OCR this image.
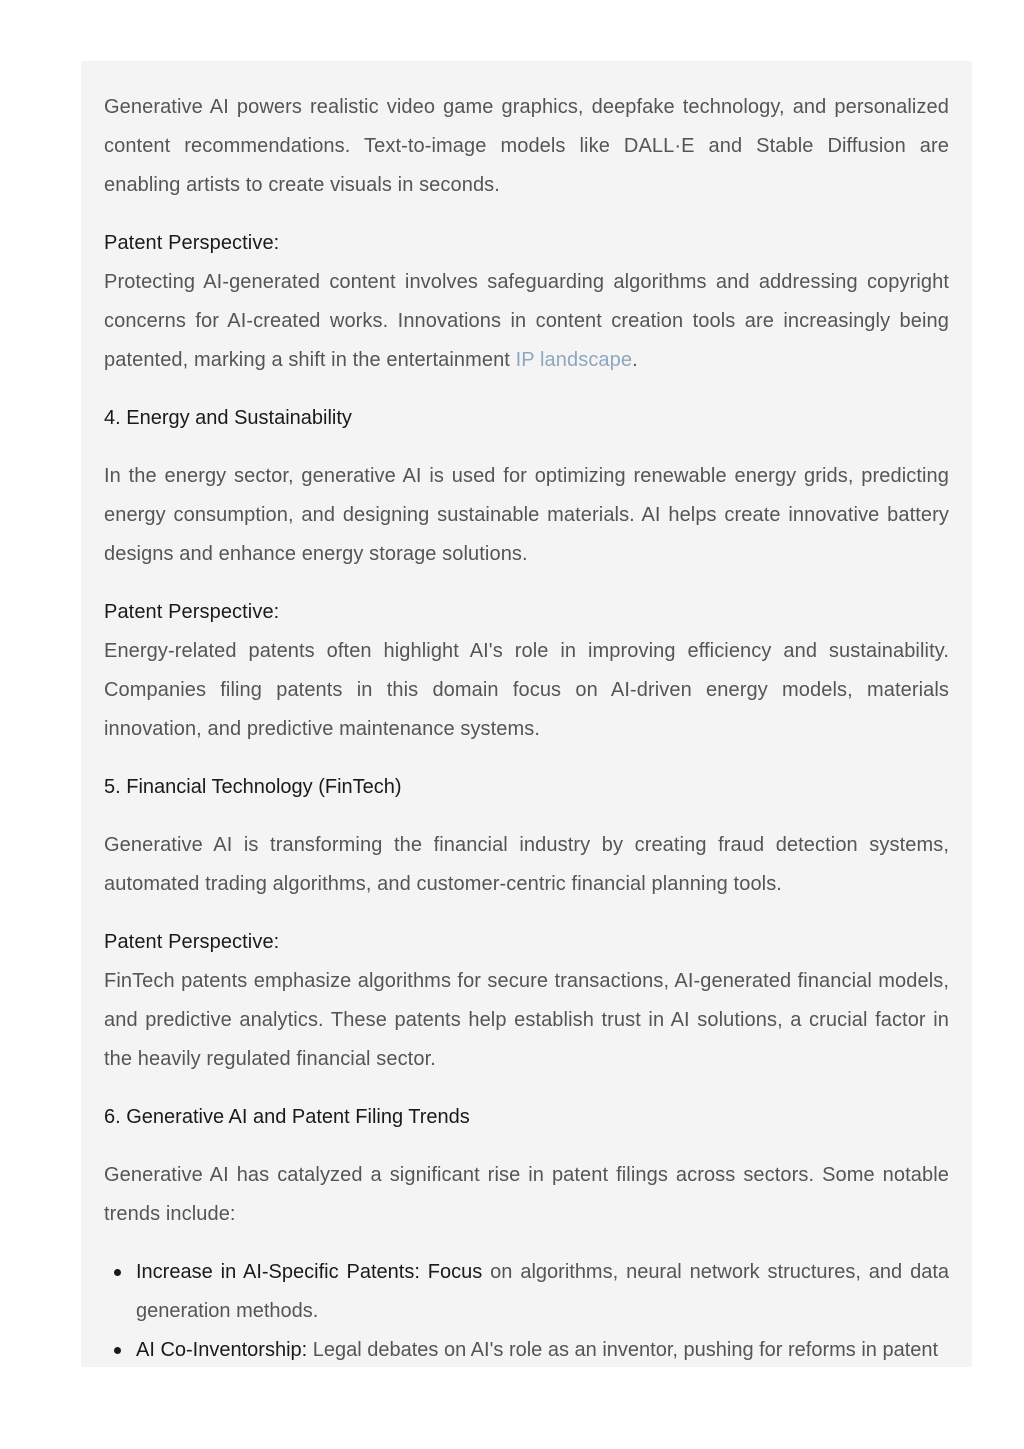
Generative AI powers realistic video game graphics, deepfake technology, and personalized content recommendations. Text-to-image models like DALL·E and Stable Diffusion are enabling artists to create visuals in seconds.

Patent Perspective:
Protecting AI-generated content involves safeguarding algorithms and addressing copyright concerns for AI-created works. Innovations in content creation tools are increasingly being patented, marking a shift in the entertainment IP landscape.

4. Energy and Sustainability

In the energy sector, generative AI is used for optimizing renewable energy grids, predicting energy consumption, and designing sustainable materials. AI helps create innovative battery designs and enhance energy storage solutions.

Patent Perspective:
Energy-related patents often highlight AI's role in improving efficiency and sustainability. Companies filing patents in this domain focus on AI-driven energy models, materials innovation, and predictive maintenance systems.

5. Financial Technology (FinTech)

Generative AI is transforming the financial industry by creating fraud detection systems, automated trading algorithms, and customer-centric financial planning tools.

Patent Perspective:
FinTech patents emphasize algorithms for secure transactions, AI-generated financial models, and predictive analytics. These patents help establish trust in AI solutions, a crucial factor in the heavily regulated financial sector.

6. Generative AI and Patent Filing Trends

Generative AI has catalyzed a significant rise in patent filings across sectors. Some notable trends include:

Increase in AI-Specific Patents: Focus on algorithms, neural network structures, and data generation methods.
AI Co-Inventorship: Legal debates on AI's role as an inventor, pushing for reforms in patent
